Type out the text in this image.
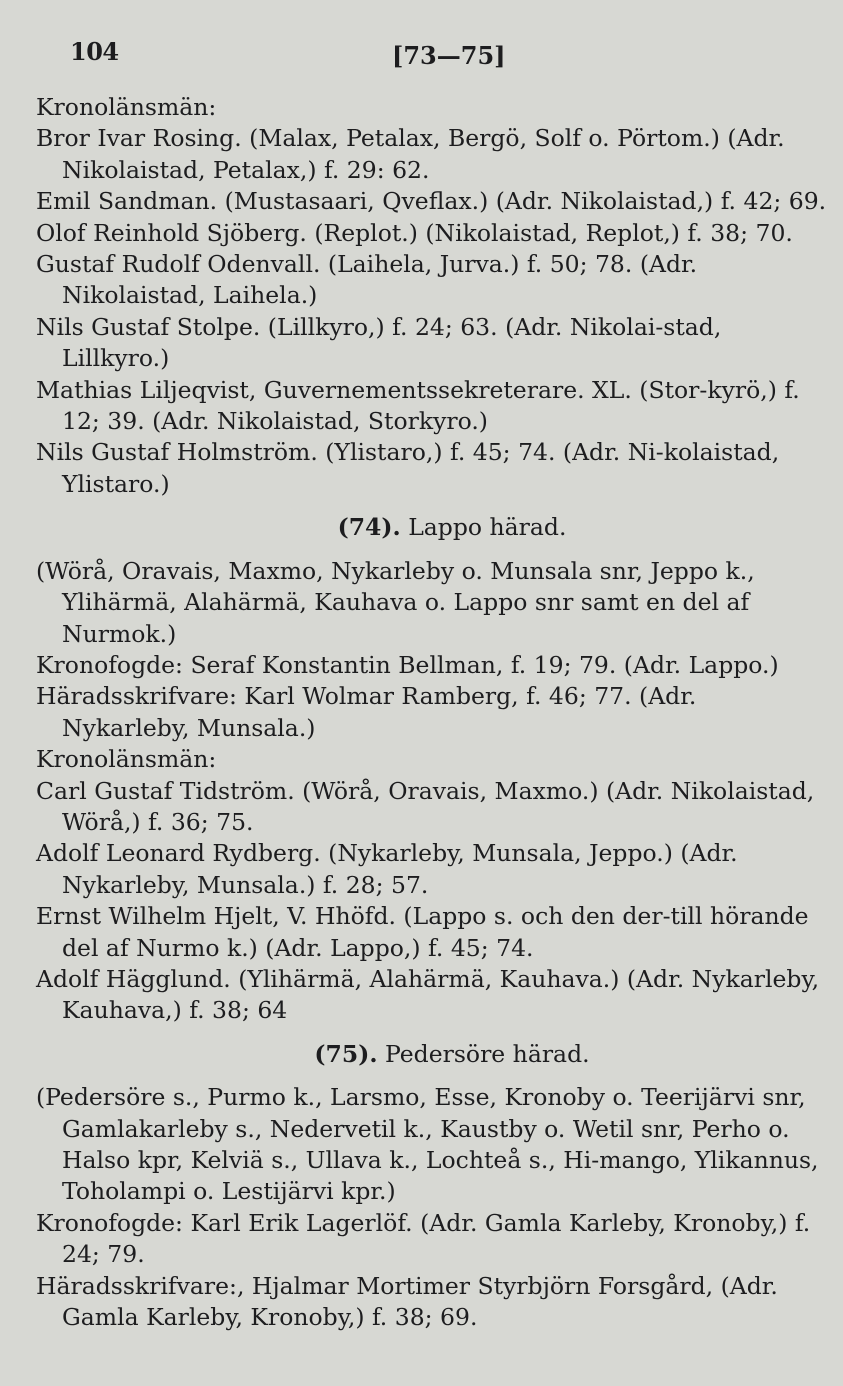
104	[73—75]

Kronolänsmän:

Bror Ivar Rosing. (Malax, Petalax, Bergö, Solf o. Pörtom.) (Adr. Nikolaistad, Petalax,) f. 29: 62.
Emil Sandman. (Mustasaari, Qveflax.) (Adr. Nikolaistad,) f. 42; 69.
Olof Reinhold Sjöberg. (Replot.) (Nikolaistad, Replot,) f. 38; 70.
Gustaf Rudolf Odenvall. (Laihela, Jurva.) f. 50; 78. (Adr. Nikolaistad, Laihela.)
Nils Gustaf Stolpe. (Lillkyro,) f. 24; 63. (Adr. Nikolai-stad, Lillkyro.)
Mathias Liljeqvist, Guvernementssekreterare. XL. (Stor-kyrö,) f. 12; 39. (Adr. Nikolaistad, Storkyro.)
Nils Gustaf Holmström. (Ylistaro,) f. 45; 74. (Adr. Ni-kolaistad, Ylistaro.)
(74). Lappo härad.
(Wörå, Oravais, Maxmo, Nykarleby o. Munsala snr, Jeppo k., Ylihärmä, Alahärmä, Kauhava o. Lappo snr samt en del af Nurmok.)
Kronofogde: Seraf Konstantin Bellman, f. 19; 79. (Adr. Lappo.)
Häradsskrifvare: Karl Wolmar Ramberg, f. 46; 77. (Adr. Nykarleby, Munsala.)

Kronolänsmän:

Carl Gustaf Tidström. (Wörå, Oravais, Maxmo.) (Adr. Nikolaistad, Wörå,) f. 36; 75.
Adolf Leonard Rydberg. (Nykarleby, Munsala, Jeppo.) (Adr. Nykarleby, Munsala.) f. 28; 57.
Ernst Wilhelm Hjelt, V. Hhöfd. (Lappo s. och den der-till hörande del af Nurmo k.) (Adr. Lappo,) f. 45; 74.
Adolf Hägglund. (Ylihärmä, Alahärmä, Kauhava.) (Adr. Nykarleby, Kauhava,) f. 38; 64
(75). Pedersöre härad.
(Pedersöre s., Purmo k., Larsmo, Esse, Kronoby o. Teerijärvi snr, Gamlakarleby s., Nedervetil k., Kaustby o. Wetil snr, Perho o. Halso kpr, Kelviä s., Ullava k., Lochteå s., Hi-mango, Ylikannus, Toholampi o. Lestijärvi kpr.)
Kronofogde: Karl Erik Lagerlöf. (Adr. Gamla Karleby, Kronoby,) f. 24; 79.
Häradsskrifvare:, Hjalmar Mortimer Styrbjörn Forsgård, (Adr. Gamla Karleby, Kronoby,) f. 38; 69.
